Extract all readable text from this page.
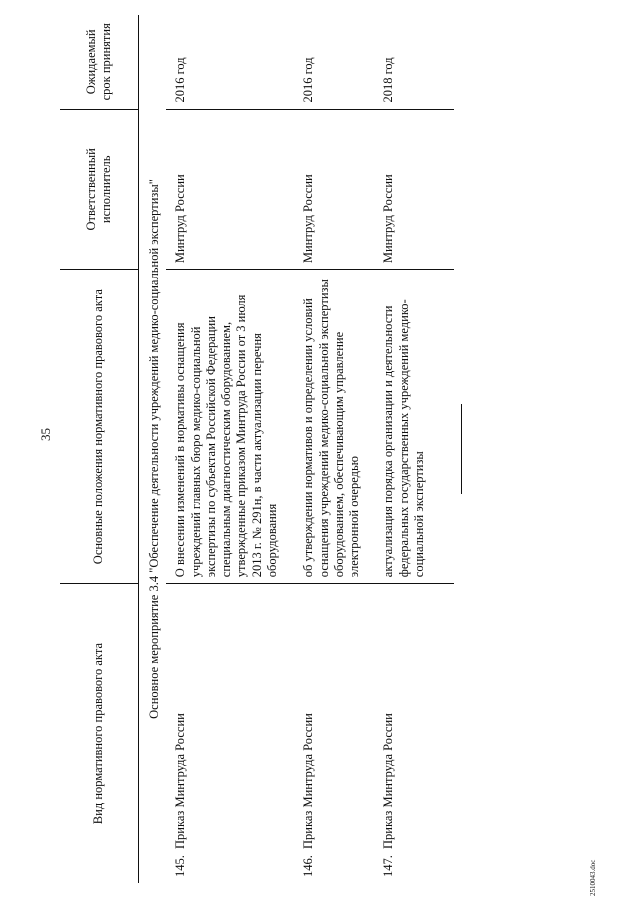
35
2510043.doc
Вид нормативного правового акта	Основные положения нормативного правового акта	Ответственный исполнитель	Ожидаемый срок принятия
Основное мероприятие 3.4 "Обеспечение деятельности учреждений медико-социальной экспертизы"			
145.Приказ Минтруда России	О внесении изменений в нормативы оснащения учреждений главных бюро медико-социальной экспертизы по субъектам Российской Федерации специальным диагностическим оборудованием, утвержденные приказом Минтруда России от 3 июля 2013 г. № 291н, в части актуализации перечня оборудования	Минтруд России	2016 год
146.Приказ Минтруда России	об утверждении нормативов и определении условий оснащения учреждений медико-социальной экспертизы оборудованием, обеспечивающим управление электронной очередью	Минтруд России	2016 год
147.Приказ Минтруда России	актуализация порядка организации и деятельности федеральных государственных учреждений медико-социальной экспертизы	Минтруд России	2018 год
